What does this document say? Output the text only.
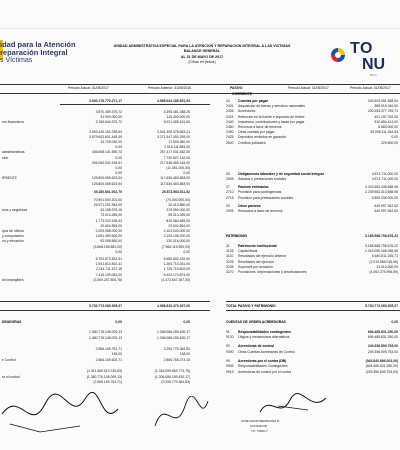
idad para la Atención
reparación Integral
s Víctimas
UNIDAD ADMINISTRATIVA ESPECIAL PARA LA ATENCION Y REPARACION INTEGRAL A LAS VICTIMAS
BALANCE GENERAL
AL 31 DE MAYO DE 2017
(Cifras en pesos)
TO
NU
PA C
Periodo Actual: 31/05/2017	Periodo Anterior: 31/05/2016	PASIVO	Periodo Actual: 31/05/2017	Periodo Actual: 31/05/2017
JOSE DAVID BERMUDEZ R.
CONTADOR
T.P. 73806-T
3.600.176.770.271,17	4.969.944.188.551,54
3.870.489.375,72	3.395.481.288,25
41.900.000,00	115.400.000,00
ros financieros	3.765.644.375,72	5.021.485.161,60
3.593.426.154.785,64	3.541.399.378.653,21
3.579.602.601.448,49	3.271.547.350.259,00
34.709.030,00	17.505.380,00
0,00	2.916.111.883,00
administrativas	436.658.141.559,73	257.417.031.482,50
ción	0,00	7.730.827.132,00
294.060.031.918,51	217.536.469.145,00
0,00	(11.451.000,00)
0,00	0,00
RRIENTE	129.800.055.623,54	117.636.483.883,00
129.800.055.623,54	117.636.483.883,00
39.180.801.002,70	25.873.963.511,52
70.901.500.201,00	(70.000.000,00)
26.971.291.984,00	20.413.880,00
mos y seguridad	63.158.975,16	219.050.000,00
73.013.289,00	59.313.289,00
1.773.023.159,43	815.364.489,00
20.604.854,00	20.604.854,00
ipos de oficina	2.209.088.000,00	2.103.000.000,00
y computación	1.591.459.600,00	2.105.108.200,00
ón y elevación	92.098.850,00	130.016.000,00
(3.866.155.881,00)	(7.966.119.900,00)
0,00	0,00
5.794.873.831,91	6.680.602.420,00
1.541.814.802,41	1.264.714.261,00
2.244.711.157,18	1.726.719.802,00
7.419.109.081,00	5.423.174.874,00
ión intangibles	(3.069.257.804,78)	(1.472.847.367,00)
5.730.773.083.305,37	4.968.820.473.207,00
DEUDORAS	0,00	0,00
1.380.776.145.009,13	1.306.086.159.430,17
1.380.776.145.009,13	1.306.086.159.430,17
2.566.169.751,71	3.295.779.384,83
148,00	148,00
e Control	2.566.169.604,71	2.865.765.274,15
(1.311.369.013.749,83)	(1.316.099.663.773,75)
ra el control	(1.380.776.145.009,13)	(1.306.086.159.430,17)
(2.566.169.751,71)	(3.295.779.384,83)
CORRIENTE
24 Cuentas por pagar	240.503.051.568,64
2401 Adquisición de bienes y servicios nacionales	386.015.340,00
2406 Acreedores	200.263.377.789,71
2424 Retención en la fuente e impuesto de timbre	401.197.762,00
2440 Impuestos, contribuciones y tasas por pagar	910.654.414,00
2460 Recursos a favor de terceros	6.683.000,00
2490 Otras cuentas por pagar	39.005.111.264,93
2425 Depósitos recibidos en garantía	0,00
2600 Créditos judiciales	229.600,00
25 Obligaciones laborales y de seguridad social integral	4.574.711.000,00
2505 Salarios y prestaciones sociales	4.574.711.000,00
27 Pasivos estimados	2.243.483.448.658,98
2710 Provisión para contingencias	2.239.983.413.658,98
2715 Provisión para prestaciones sociales	3.500.035.000,00
29 Otros pasivos	640.997.942,62
2905 Recaudos a favor de terceros	640.997.942,62
PATRIMONIO	3.185.568.708.676,22
31 Patrimonio institucional	3.185.568.708.676,22
3105 Capital fiscal	1.018.050.166.058,56
3110 Resultados del ejercicio anterior	6.640.811.155,71
3225 Resultados del ejercicio	(2.019.566.015,56)
3235 Superávit por donación	23.010.000,00
3270 Provisiones, depreciaciones y amortizaciones	(4.492.275.996,89)
TOTAL PASIVO Y PATRIMONIO	5.730.773.083.305,37
CUENTAS DE ORDEN ACREEDORAS	0,00
91 Responsabilidades contingentes	694.485.831.250,00
9120 Litigios y mecanismos alternativos	694.485.831.250,00
93 Acreedoras de control	249.356.509.753,00
9390 Otras Cuentas Acreedoras de Control	249.356.509.753,00
99 Acreedoras por el contra (DB)	(943.840.666.003,00)
9905 Responsabilidades Contingentes	(694.485.831.250,00)
9915 Acreedoras de control por el contra	(249.356.509.753,00)
